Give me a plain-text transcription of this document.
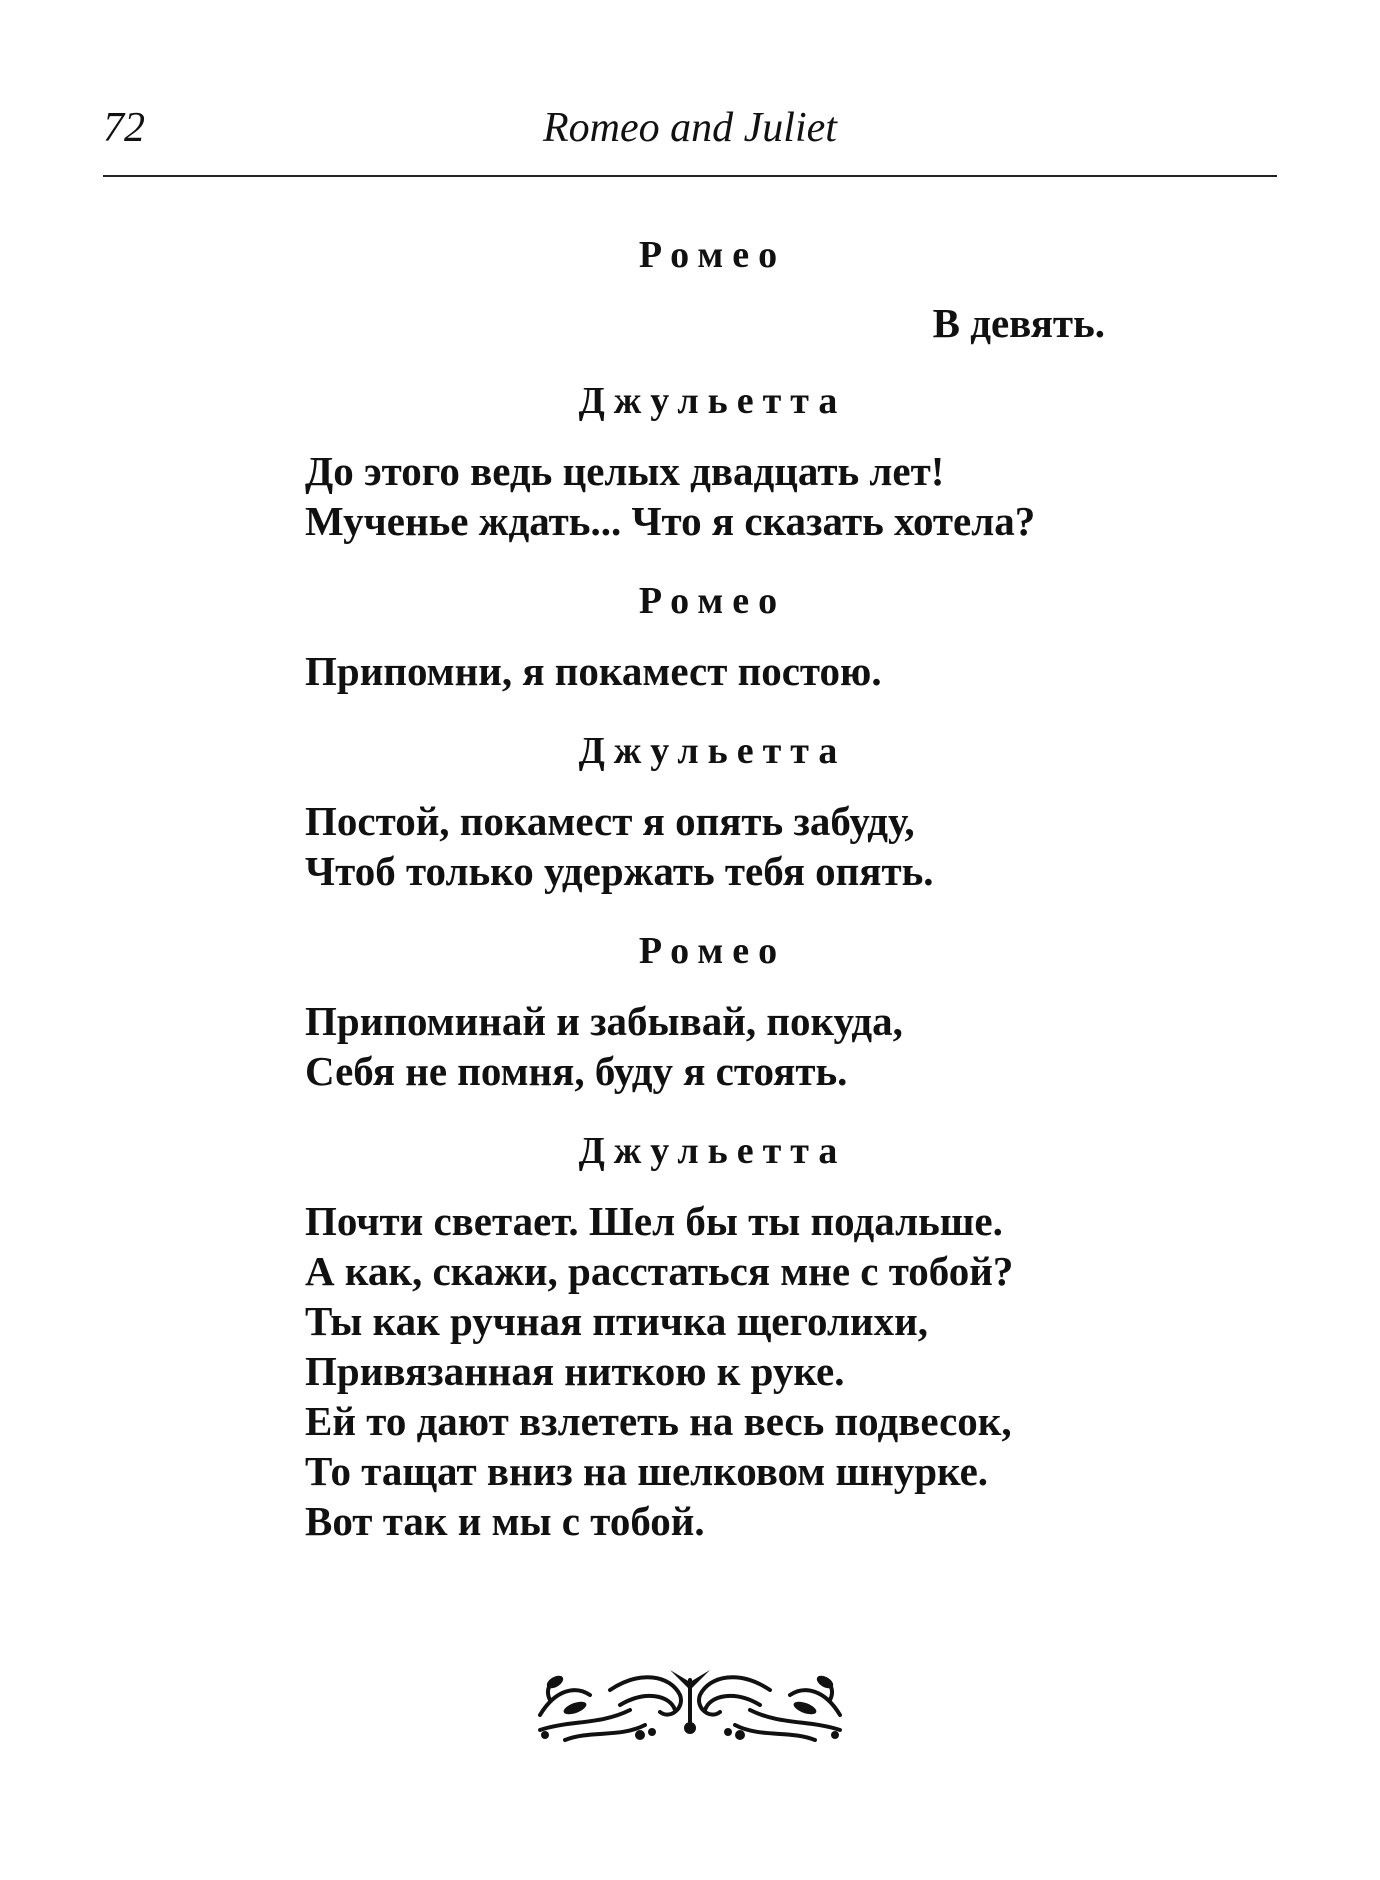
72	Romeo and Juliet

Ромео

В девять.

Джульетта

До этого ведь целых двадцать лет!

Мученье ждать... Что я сказать хотела?

Ромео

Припомни, я покамест постою.

Джульетта

Постой, покамест я опять забуду,

Чтоб только удержать тебя опять.

Ромео

Припоминай и забывай, покуда,

Себя не помня, буду я стоять.

Джульетта

Почти светает. Шел бы ты подальше.

А как, скажи, расстаться мне с тобой?

Ты как ручная птичка щеголихи,

Привязанная ниткою к руке.

Ей то дают взлететь на весь подвесок,

То тащат вниз на шелковом шнурке.

Вот так и мы с тобой.
